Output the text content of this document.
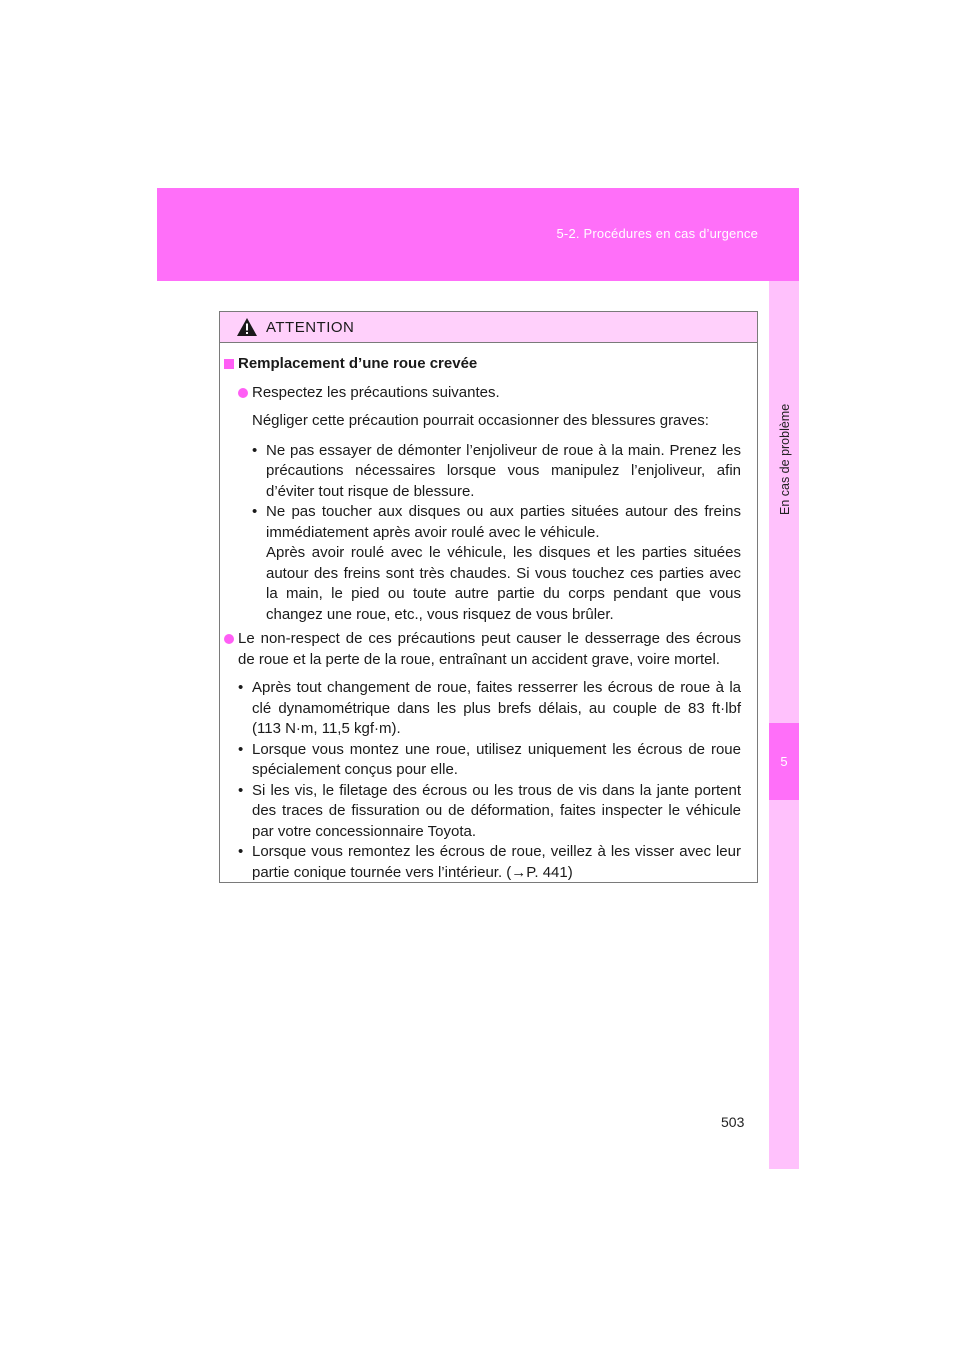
5-2. Procédures en cas d’urgence
5
En cas de problème
ATTENTION
Remplacement d’une roue crevée
Respectez les précautions suivantes.
Négliger cette précaution pourrait occasionner des blessures graves:
• Ne pas essayer de démonter l’enjoliveur de roue à la main. Prenez les précautions nécessaires lorsque vous manipulez l’enjoliveur, afin d’éviter tout risque de blessure.
• Ne pas toucher aux disques ou aux parties situées autour des freins immédiatement après avoir roulé avec le véhicule.
Après avoir roulé avec le véhicule, les disques et les parties situées autour des freins sont très chaudes. Si vous touchez ces parties avec la main, le pied ou toute autre partie du corps pendant que vous changez une roue, etc., vous risquez de vous brûler.
Le non-respect de ces précautions peut causer le desserrage des écrous de roue et la perte de la roue, entraînant un accident grave, voire mortel.
• Après tout changement de roue, faites resserrer les écrous de roue à la clé dynamométrique dans les plus brefs délais, au couple de 83 ft·lbf (113 N·m, 11,5 kgf·m).
• Lorsque vous montez une roue, utilisez uniquement les écrous de roue spécialement conçus pour elle.
• Si les vis, le filetage des écrous ou les trous de vis dans la jante portent des traces de fissuration ou de déformation, faites inspecter le véhicule par votre concessionnaire Toyota.
• Lorsque vous remontez les écrous de roue, veillez à les visser avec leur partie conique tournée vers l’intérieur. (→P. 441)
503
